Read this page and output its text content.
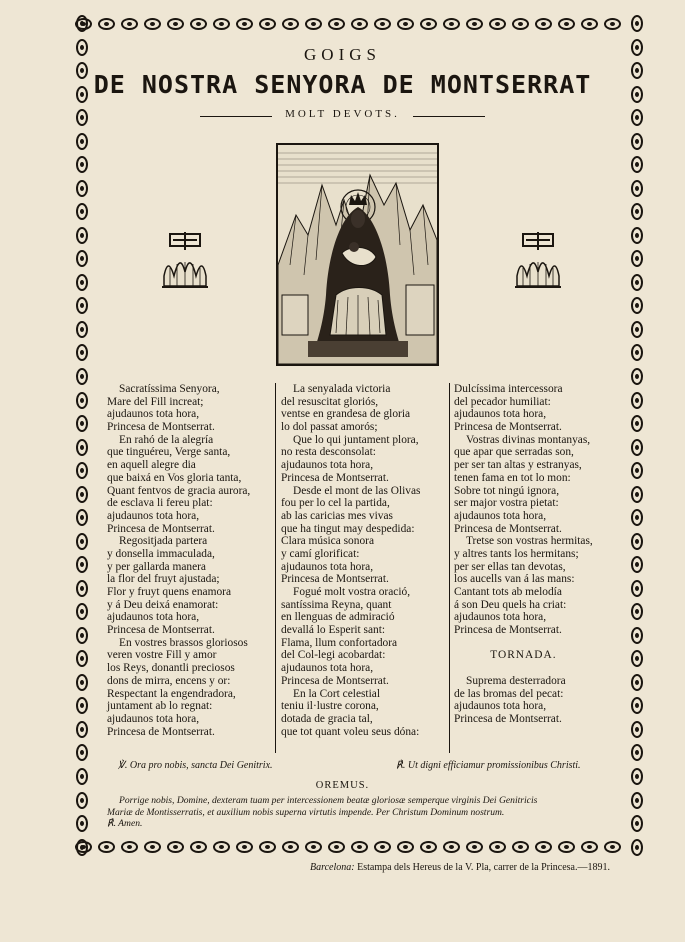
GOIGS
DE NOSTRA SENYORA DE MONTSERRAT
MOLT DEVOTS.
Sacratíssima Senyora,
Mare del Fill increat;
ajudaunos tota hora,
Princesa de Montserrat.
En rahó de la alegría
que tinguéreu, Verge santa,
en aquell alegre dia
que baixá en Vos gloria tanta,
Quant fentvos de gracia aurora,
de esclava li fereu plat:
ajudaunos tota hora,
Princesa de Montserrat.
Regositjada partera
y donsella immaculada,
y per gallarda manera
la flor del fruyt ajustada;
Flor y fruyt quens enamora
y á Deu deixá enamorat:
ajudaunos tota hora,
Princesa de Montserrat.
En vostres brassos gloriosos
veren vostre Fill y amor
los Reys, donantli preciosos
dons de mirra, encens y or:
Respectant la engendradora,
juntament ab lo regnat:
ajudaunos tota hora,
Princesa de Montserrat.
La senyalada victoria
del resuscitat gloriós,
ventse en grandesa de gloria
lo dol passat amorós;
Que lo qui juntament plora,
no resta desconsolat:
ajudaunos tota hora,
Princesa de Montserrat.
Desde el mont de las Olivas
fou per lo cel la partida,
ab las caricias mes vivas
que ha tingut may despedida:
Clara música sonora
y camí glorificat:
ajudaunos tota hora,
Princesa de Montserrat.
Fogué molt vostra oració,
santíssima Reyna, quant
en llenguas de admiració
devallá lo Esperit sant:
Flama, llum confortadora
del Col-legi acobardat:
ajudaunos tota hora,
Princesa de Montserrat.
En la Cort celestial
teniu il·lustre corona,
dotada de gracia tal,
que tot quant voleu seus dóna:
Dulcíssima intercessora
del pecador humiliat:
ajudaunos tota hora,
Princesa de Montserrat.
Vostras divinas montanyas,
que apar que serradas son,
per ser tan altas y estranyas,
tenen fama en tot lo mon:
Sobre tot ningú ignora,
ser major vostra pietat:
ajudaunos tota hora,
Princesa de Montserrat.
Tretse son vostras hermitas,
y altres tants los hermitans;
per ser ellas tan devotas,
los aucells van á las mans:
Cantant tots ab melodía
á son Deu quels ha criat:
ajudaunos tota hora,
Princesa de Montserrat.
TORNADA.
Suprema desterradora
de las bromas del pecat:
ajudaunos tota hora,
Princesa de Montserrat.
℣. Ora pro nobis, sancta Dei Genitrix.	℟. Ut digni efficiamur promissionibus Christi.
OREMUS.
Porrige nobis, Domine, dexteram tuam per intercessionem beatæ gloriosæ semperque virginis Dei Genitricis
Mariæ de Montisserratis, et auxilium nobis superna virtutis impende. Per Christum Dominum nostrum.
℟. Amen.
Barcelona: Estampa dels Hereus de la V. Pla, carrer de la Princesa.—1891.
